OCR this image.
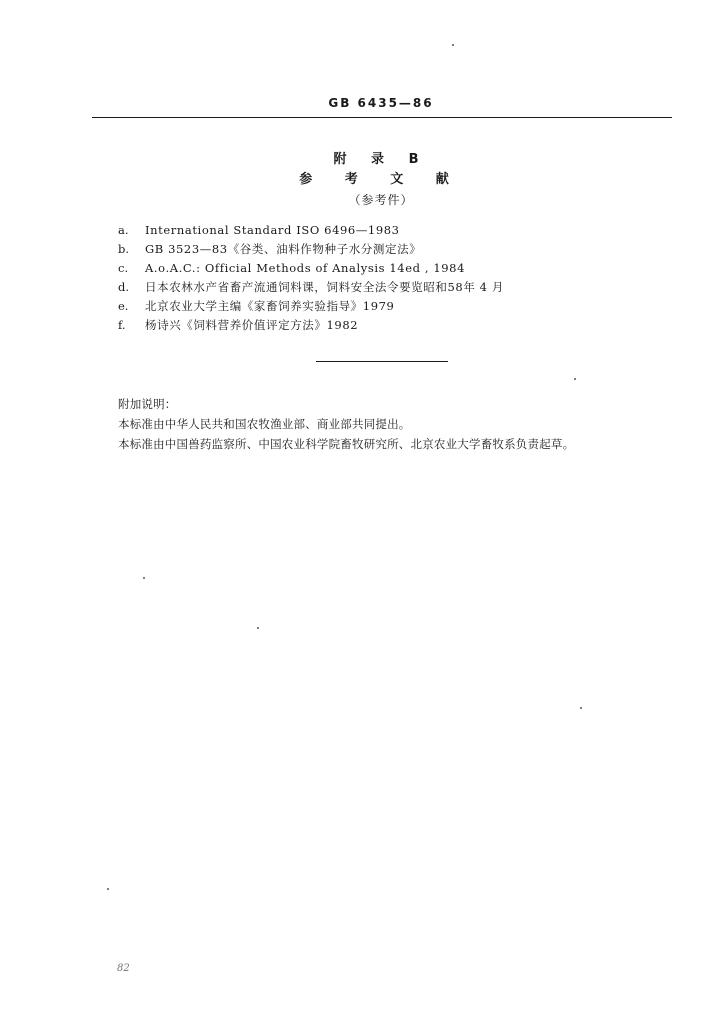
GB 6435—86
附 录 B
参 考 文 献
（参考件）
a.	International Standard ISO 6496—1983
b.	GB 3523—83《谷类、油料作物种子水分测定法》
c.	A.o.A.C.: Official Methods of Analysis 14ed , 1984
d.	日本农林水产省畜产流通饲料课，饲料安全法令要览昭和58年 4 月
e.	北京农业大学主编《家畜饲养实验指导》1979
f.	杨诗兴《饲料营养价值评定方法》1982
附加说明：
本标准由中华人民共和国农牧渔业部、商业部共同提出。
本标准由中国兽药监察所、中国农业科学院畜牧研究所、北京农业大学畜牧系负责起草。
82
